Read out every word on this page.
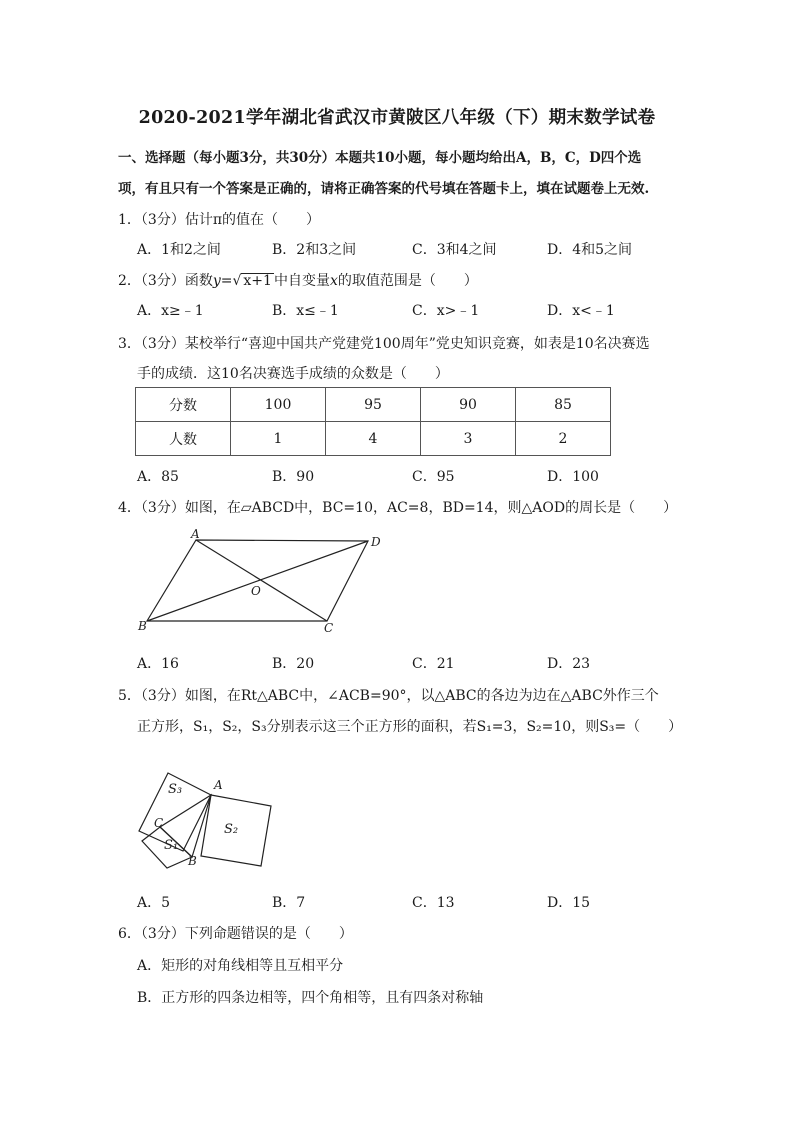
2020-2021学年湖北省武汉市黄陂区八年级（下）期末数学试卷
一、选择题（每小题3分，共30分）本题共10小题，每小题均给出A，B，C，D四个选
项，有且只有一个答案是正确的，请将正确答案的代号填在答题卡上，填在试题卷上无效.
1．（3分）估计π的值在（　　）
A．1和2之间	B．2和3之间	C．3和4之间	D．4和5之间
2．（3分）函数y=√ x+1 中自变量x的取值范围是（　　）
A．x≥﹣1	B．x≤﹣1	C．x>﹣1	D．x<﹣1
3．（3分）某校举行“喜迎中国共产党建党100周年”党史知识竞赛，如表是10名决赛选
手的成绩．这10名决赛选手成绩的众数是（　　）
分数	100	95	90	85
人数	1	4	3	2
A．85	B．90	C．95	D．100
4．（3分）如图，在▱ABCD中，BC=10，AC=8，BD=14，则△AOD的周长是（　　）
A
D
O
B	C
A．16	B．20	C．21	D．23
5．（3分）如图，在Rt△ABC中，∠ACB=90°，以△ABC的各边为边在△ABC外作三个
正方形，S₁，S₂，S₃分别表示这三个正方形的面积，若S₁=3，S₂=10，则S₃=（　　）
S₃	A
C	S₂
S₁
B
A．5	B．7	C．13	D．15
6．（3分）下列命题错误的是（　　）
A．矩形的对角线相等且互相平分
B．正方形的四条边相等，四个角相等，且有四条对称轴
